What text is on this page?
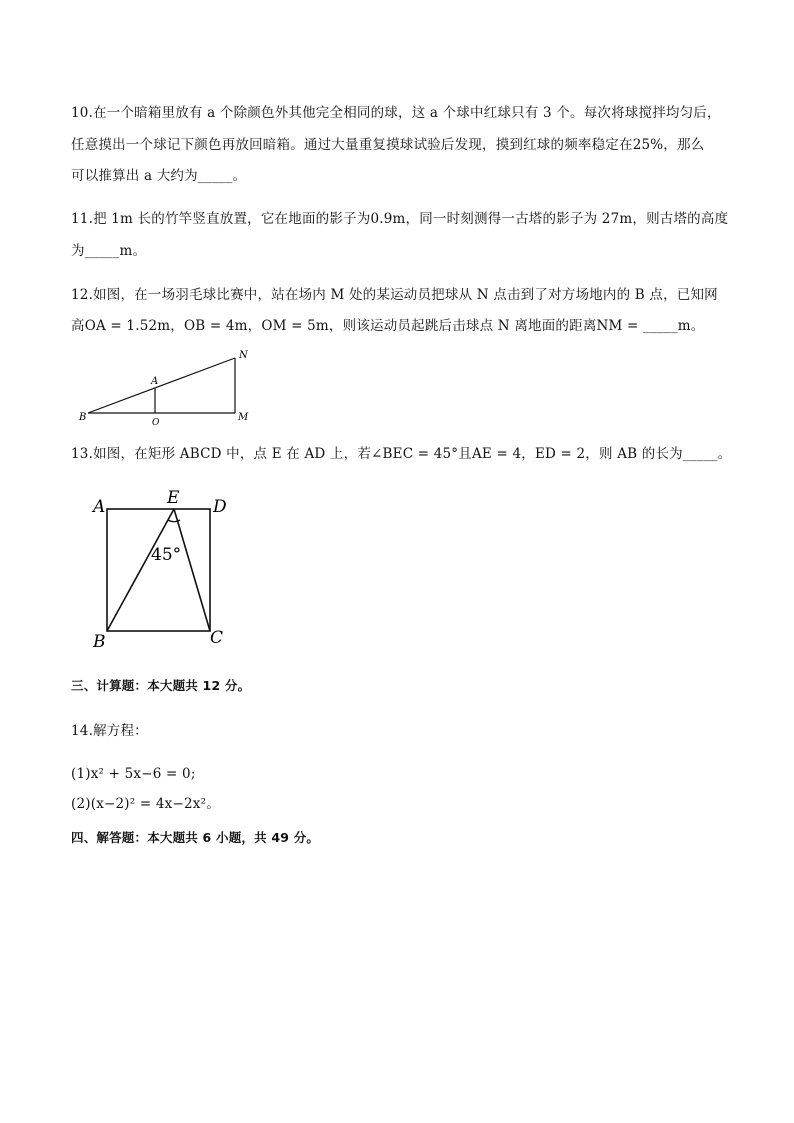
10.在一个暗箱里放有 a 个除颜色外其他完全相同的球，这 a 个球中红球只有 3 个。每次将球搅拌均匀后，
任意摸出一个球记下颜色再放回暗箱。通过大量重复摸球试验后发现，摸到红球的频率稳定在25%，那么
可以推算出 a 大约为_____。
11.把 1m 长的竹竿竖直放置，它在地面的影子为0.9m，同一时刻测得一古塔的影子为 27m，则古塔的高度
为_____m。
12.如图，在一场羽毛球比赛中，站在场内 M 处的某运动员把球从 N 点击到了对方场地内的 B 点，已知网
高OA = 1.52m，OB = 4m，OM = 5m，则该运动员起跳后击球点 N 离地面的距离NM = _____m。
N
A
B	M
O
13.如图，在矩形 ABCD 中，点 E 在 AD 上，若∠BEC = 45°且AE = 4，ED = 2，则 AB 的长为_____。
A	E D
B	C
45°
三、计算题：本大题共 12 分。
14.解方程：
(1)x² + 5x−6 = 0;
(2)(x−2)² = 4x−2x²。
四、解答题：本大题共 6 小题，共 49 分。
